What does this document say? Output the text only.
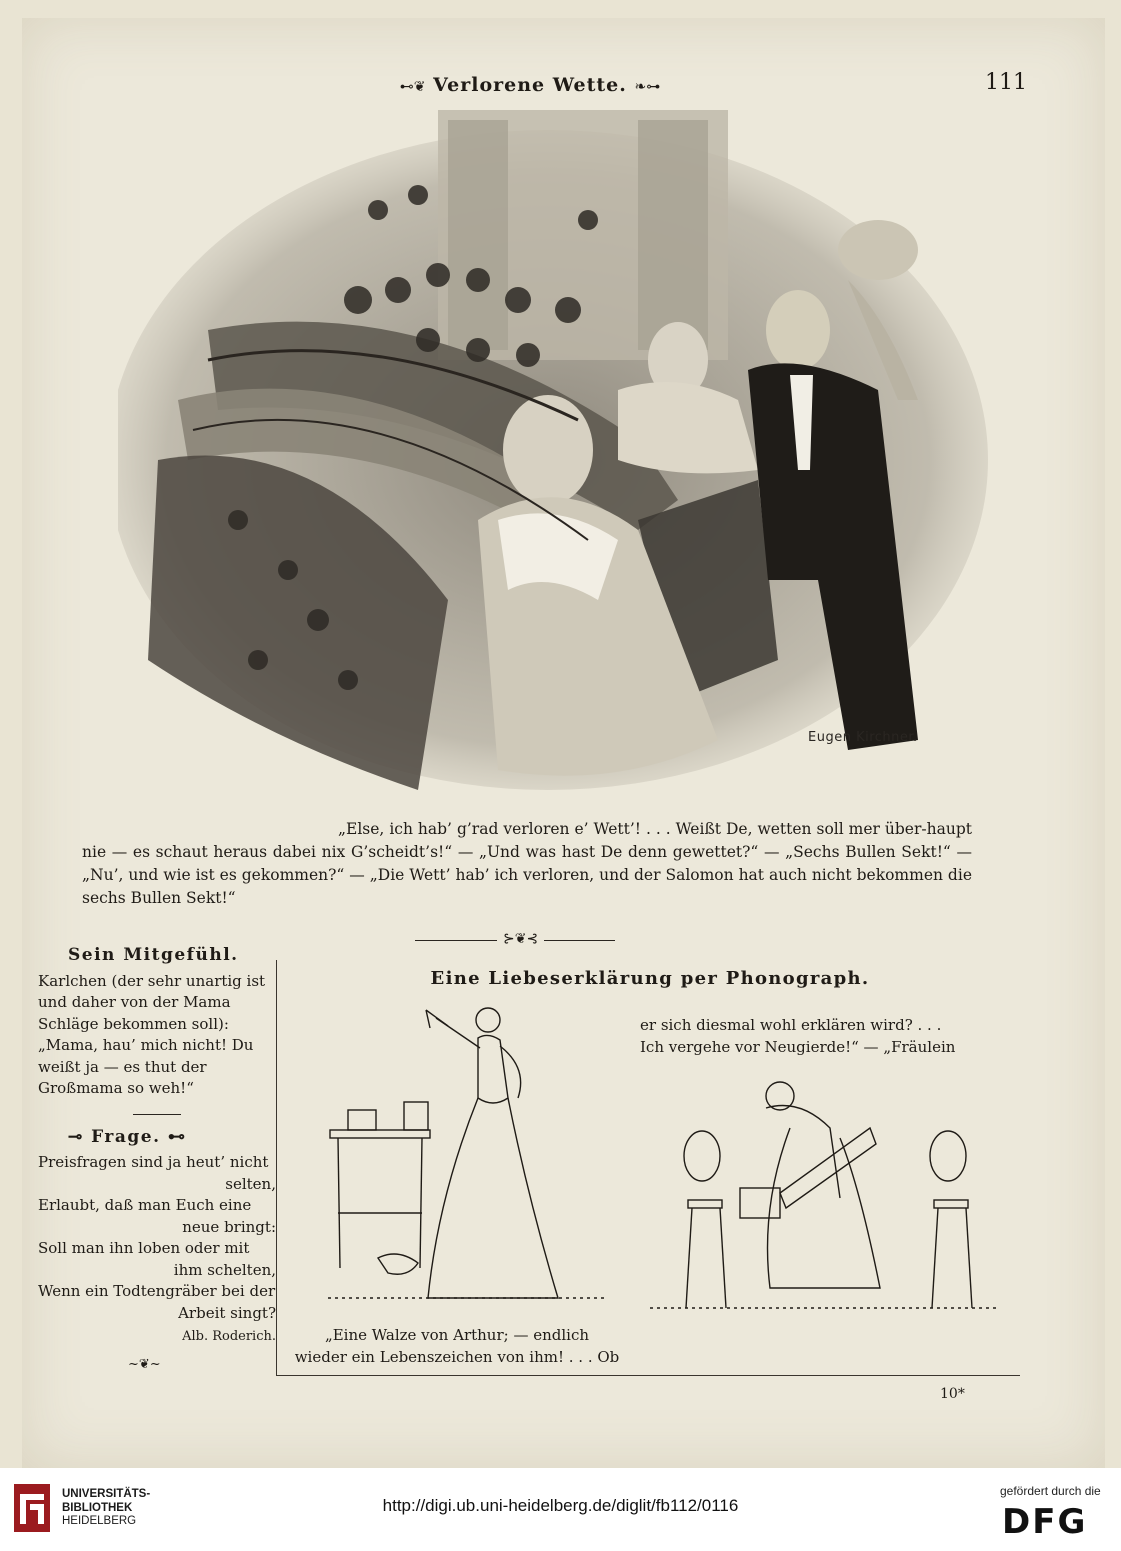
⊷❦ Verlorene Wette. ❧⊶	111
Eugen Kirchner.

„Else, ich hab’ g’rad verloren e’ Wett’! . . . Weißt De, wetten soll mer über-haupt nie — es schaut heraus dabei nix G’scheidt’s!“ — „Und was hast De denn gewettet?“ — „Sechs Bullen Sekt!“ — „Nu’, und wie ist es gekommen?“ — „Die Wett’ hab’ ich verloren, und der Salomon hat auch nicht bekommen die sechs Bullen Sekt!“

⊱❦⊰
Sein Mitgefühl.

Karlchen (der sehr unartig ist und daher von der Mama Schläge bekommen soll): „Mama, hau’ mich nicht! Du weißt ja — es thut der Großmama so weh!“

⊸ Frage. ⊷

Preisfragen sind ja heut’ nicht

selten,

Erlaubt, daß man Euch eine

neue bringt:

Soll man ihn loben oder mit

ihm schelten,

Wenn ein Todtengräber bei der

Arbeit singt?

Alb. Roderich.
~❦~
Eine Liebeserklärung per Phonograph.

er sich diesmal wohl erklären wird? . . .

Ich vergehe vor Neugierde!“ — „Fräulein

„Eine Walze von Arthur; — endlich

wieder ein Lebenszeichen von ihm! . . . Ob

10*
UNIVERSITÄTS-
BIBLIOTHEK
HEIDELBERG
http://digi.ub.uni-heidelberg.de/diglit/fb112/0116
gefördert durch die
DFG
